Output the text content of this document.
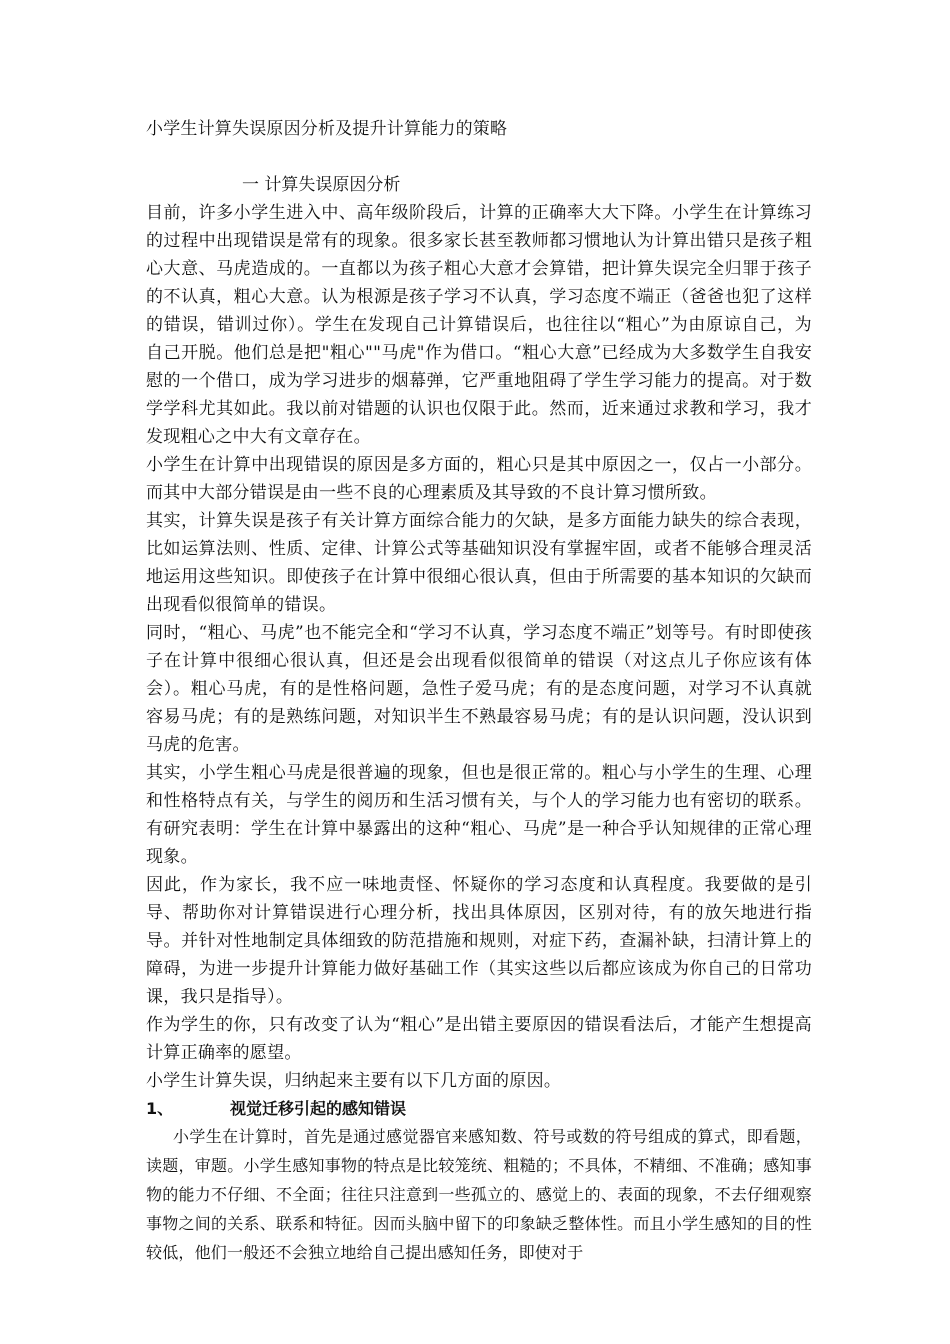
小学生计算失误原因分析及提升计算能力的策略
一 计算失误原因分析

目前，许多小学生进入中、高年级阶段后，计算的正确率大大下降。小学生在计算练习的过程中出现错误是常有的现象。很多家长甚至教师都习惯地认为计算出错只是孩子粗心大意、马虎造成的。一直都以为孩子粗心大意才会算错，把计算失误完全归罪于孩子的不认真，粗心大意。认为根源是孩子学习不认真，学习态度不端正（爸爸也犯了这样的错误，错训过你）。学生在发现自己计算错误后，也往往以“粗心”为由原谅自己，为自己开脱。他们总是把"粗心""马虎"作为借口。“粗心大意”已经成为大多数学生自我安慰的一个借口，成为学习进步的烟幕弹，它严重地阻碍了学生学习能力的提高。对于数学学科尤其如此。我以前对错题的认识也仅限于此。然而，近来通过求教和学习，我才发现粗心之中大有文章存在。

小学生在计算中出现错误的原因是多方面的，粗心只是其中原因之一，仅占一小部分。而其中大部分错误是由一些不良的心理素质及其导致的不良计算习惯所致。

其实，计算失误是孩子有关计算方面综合能力的欠缺，是多方面能力缺失的综合表现，比如运算法则、性质、定律、计算公式等基础知识没有掌握牢固，或者不能够合理灵活地运用这些知识。即使孩子在计算中很细心很认真，但由于所需要的基本知识的欠缺而出现看似很简单的错误。

同时，“粗心、马虎”也不能完全和“学习不认真，学习态度不端正”划等号。有时即使孩子在计算中很细心很认真，但还是会出现看似很简单的错误（对这点儿子你应该有体会）。粗心马虎，有的是性格问题，急性子爱马虎；有的是态度问题，对学习不认真就容易马虎；有的是熟练问题，对知识半生不熟最容易马虎；有的是认识问题，没认识到马虎的危害。

其实，小学生粗心马虎是很普遍的现象，但也是很正常的。粗心与小学生的生理、心理和性格特点有关，与学生的阅历和生活习惯有关，与个人的学习能力也有密切的联系。有研究表明：学生在计算中暴露出的这种“粗心、马虎”是一种合乎认知规律的正常心理现象。

因此，作为家长，我不应一味地责怪、怀疑你的学习态度和认真程度。我要做的是引导、帮助你对计算错误进行心理分析，找出具体原因，区别对待，有的放矢地进行指导。并针对性地制定具体细致的防范措施和规则，对症下药，查漏补缺，扫清计算上的障碍，为进一步提升计算能力做好基础工作（其实这些以后都应该成为你自己的日常功课，我只是指导）。

作为学生的你，只有改变了认为“粗心”是出错主要原因的错误看法后，才能产生想提高计算正确率的愿望。

小学生计算失误，归纳起来主要有以下几方面的原因。

1、	视觉迁移引起的感知错误

小学生在计算时，首先是通过感觉器官来感知数、符号或数的符号组成的算式，即看题，读题，审题。小学生感知事物的特点是比较笼统、粗糙的；不具体，不精细、不准确；感知事物的能力不仔细、不全面；往往只注意到一些孤立的、感觉上的、表面的现象，不去仔细观察事物之间的关系、联系和特征。因而头脑中留下的印象缺乏整体性。而且小学生感知的目的性较低，他们一般还不会独立地给自己提出感知任务，即使对于
